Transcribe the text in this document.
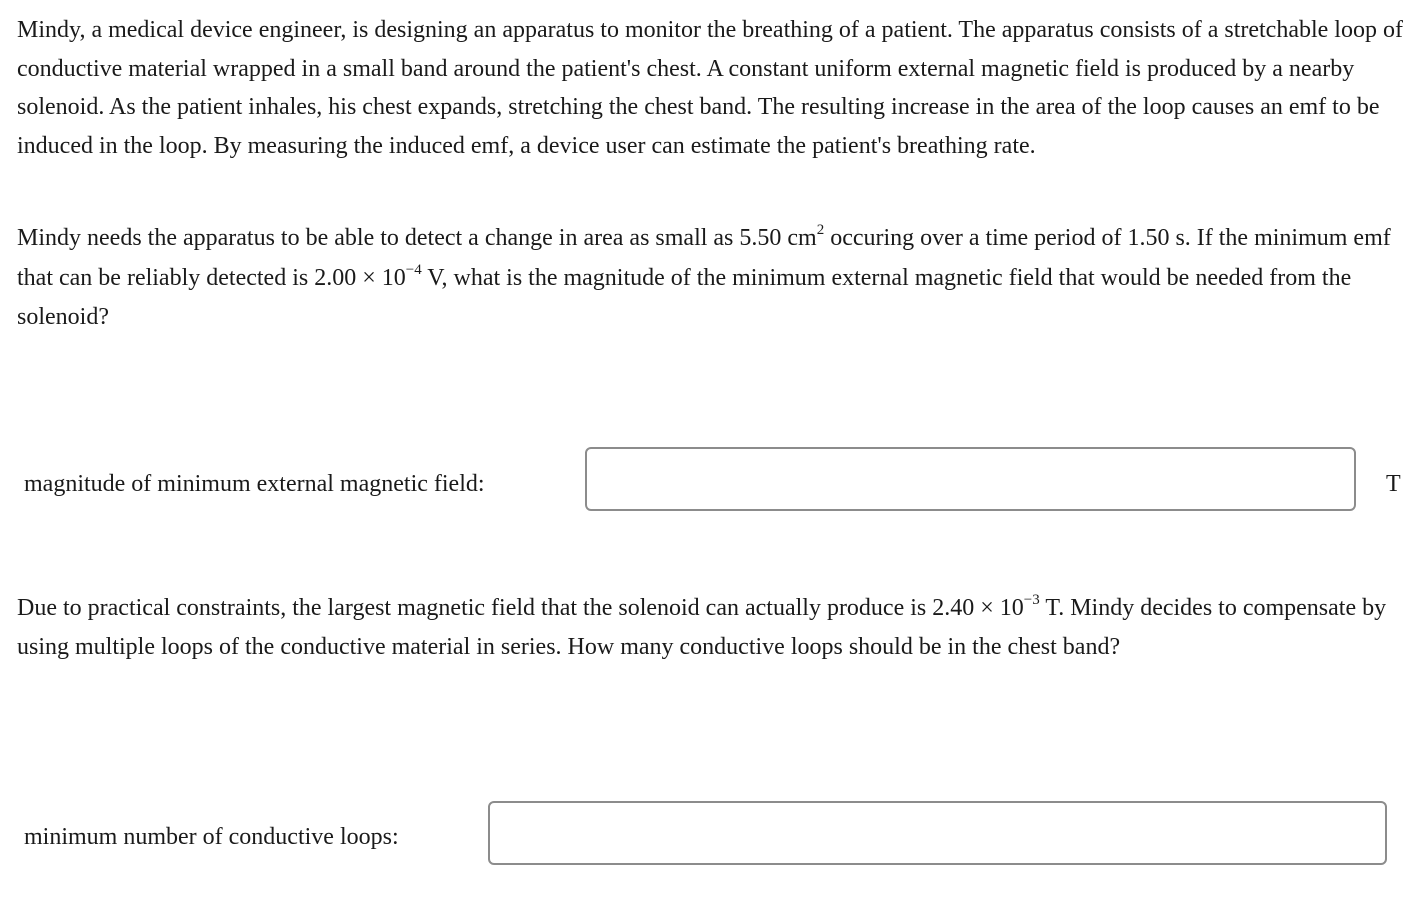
Mindy, a medical device engineer, is designing an apparatus to monitor the breathing of a patient. The apparatus consists of a stretchable loop of conductive material wrapped in a small band around the patient's chest. A constant uniform external magnetic field is produced by a nearby solenoid. As the patient inhales, his chest expands, stretching the chest band. The resulting increase in the area of the loop causes an emf to be induced in the loop. By measuring the induced emf, a device user can estimate the patient's breathing rate.

Mindy needs the apparatus to be able to detect a change in area as small as 5.50 $cm^2$ occuring over a time period of 1.50 s. If the minimum emf that can be reliably detected is $2.00 \times 10^{-4}$ V, what is the magnitude of the minimum external magnetic field that would be needed from the solenoid?

magnitude of minimum external magnetic field:	T

Due to practical constraints, the largest magnetic field that the solenoid can actually produce is $2.40 \times 10^{-3}$ T. Mindy decides to compensate by using multiple loops of the conductive material in series. How many conductive loops should be in the chest band?

minimum number of conductive loops:
